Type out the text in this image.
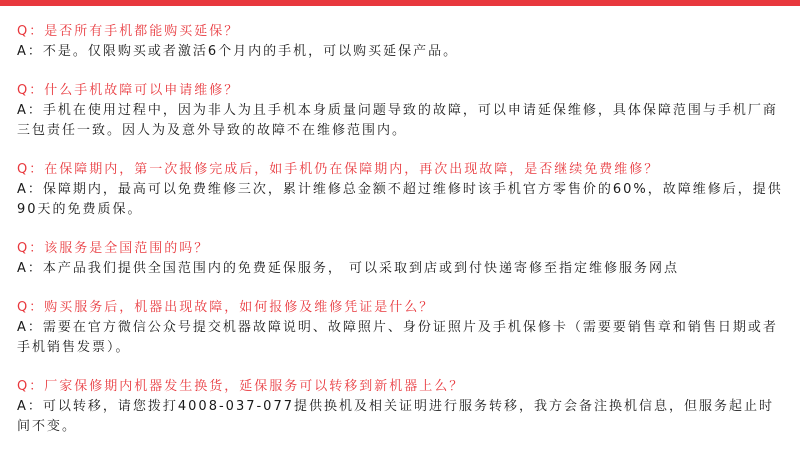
Q：是否所有手机都能购买延保？
A：不是。仅限购买或者激活6个月内的手机，可以购买延保产品。
Q：什么手机故障可以申请维修？
A：手机在使用过程中，因为非人为且手机本身质量问题导致的故障，可以申请延保维修，具体保障范围与手机厂商三包责任一致。因人为及意外导致的故障不在维修范围内。
Q：在保障期内，第一次报修完成后，如手机仍在保障期内，再次出现故障，是否继续免费维修？
A：保障期内，最高可以免费维修三次，累计维修总金额不超过维修时该手机官方零售价的60%，故障维修后，提供90天的免费质保。
Q：该服务是全国范围的吗？
A：本产品我们提供全国范围内的免费延保服务， 可以采取到店或到付快递寄修至指定维修服务网点
Q：购买服务后，机器出现故障，如何报修及维修凭证是什么？
A：需要在官方微信公众号提交机器故障说明、故障照片、身份证照片及手机保修卡（需要要销售章和销售日期或者手机销售发票）。
Q：厂家保修期内机器发生换货，延保服务可以转移到新机器上么？
A：可以转移，请您拨打4008-037-077提供换机及相关证明进行服务转移，我方会备注换机信息，但服务起止时间不变。
